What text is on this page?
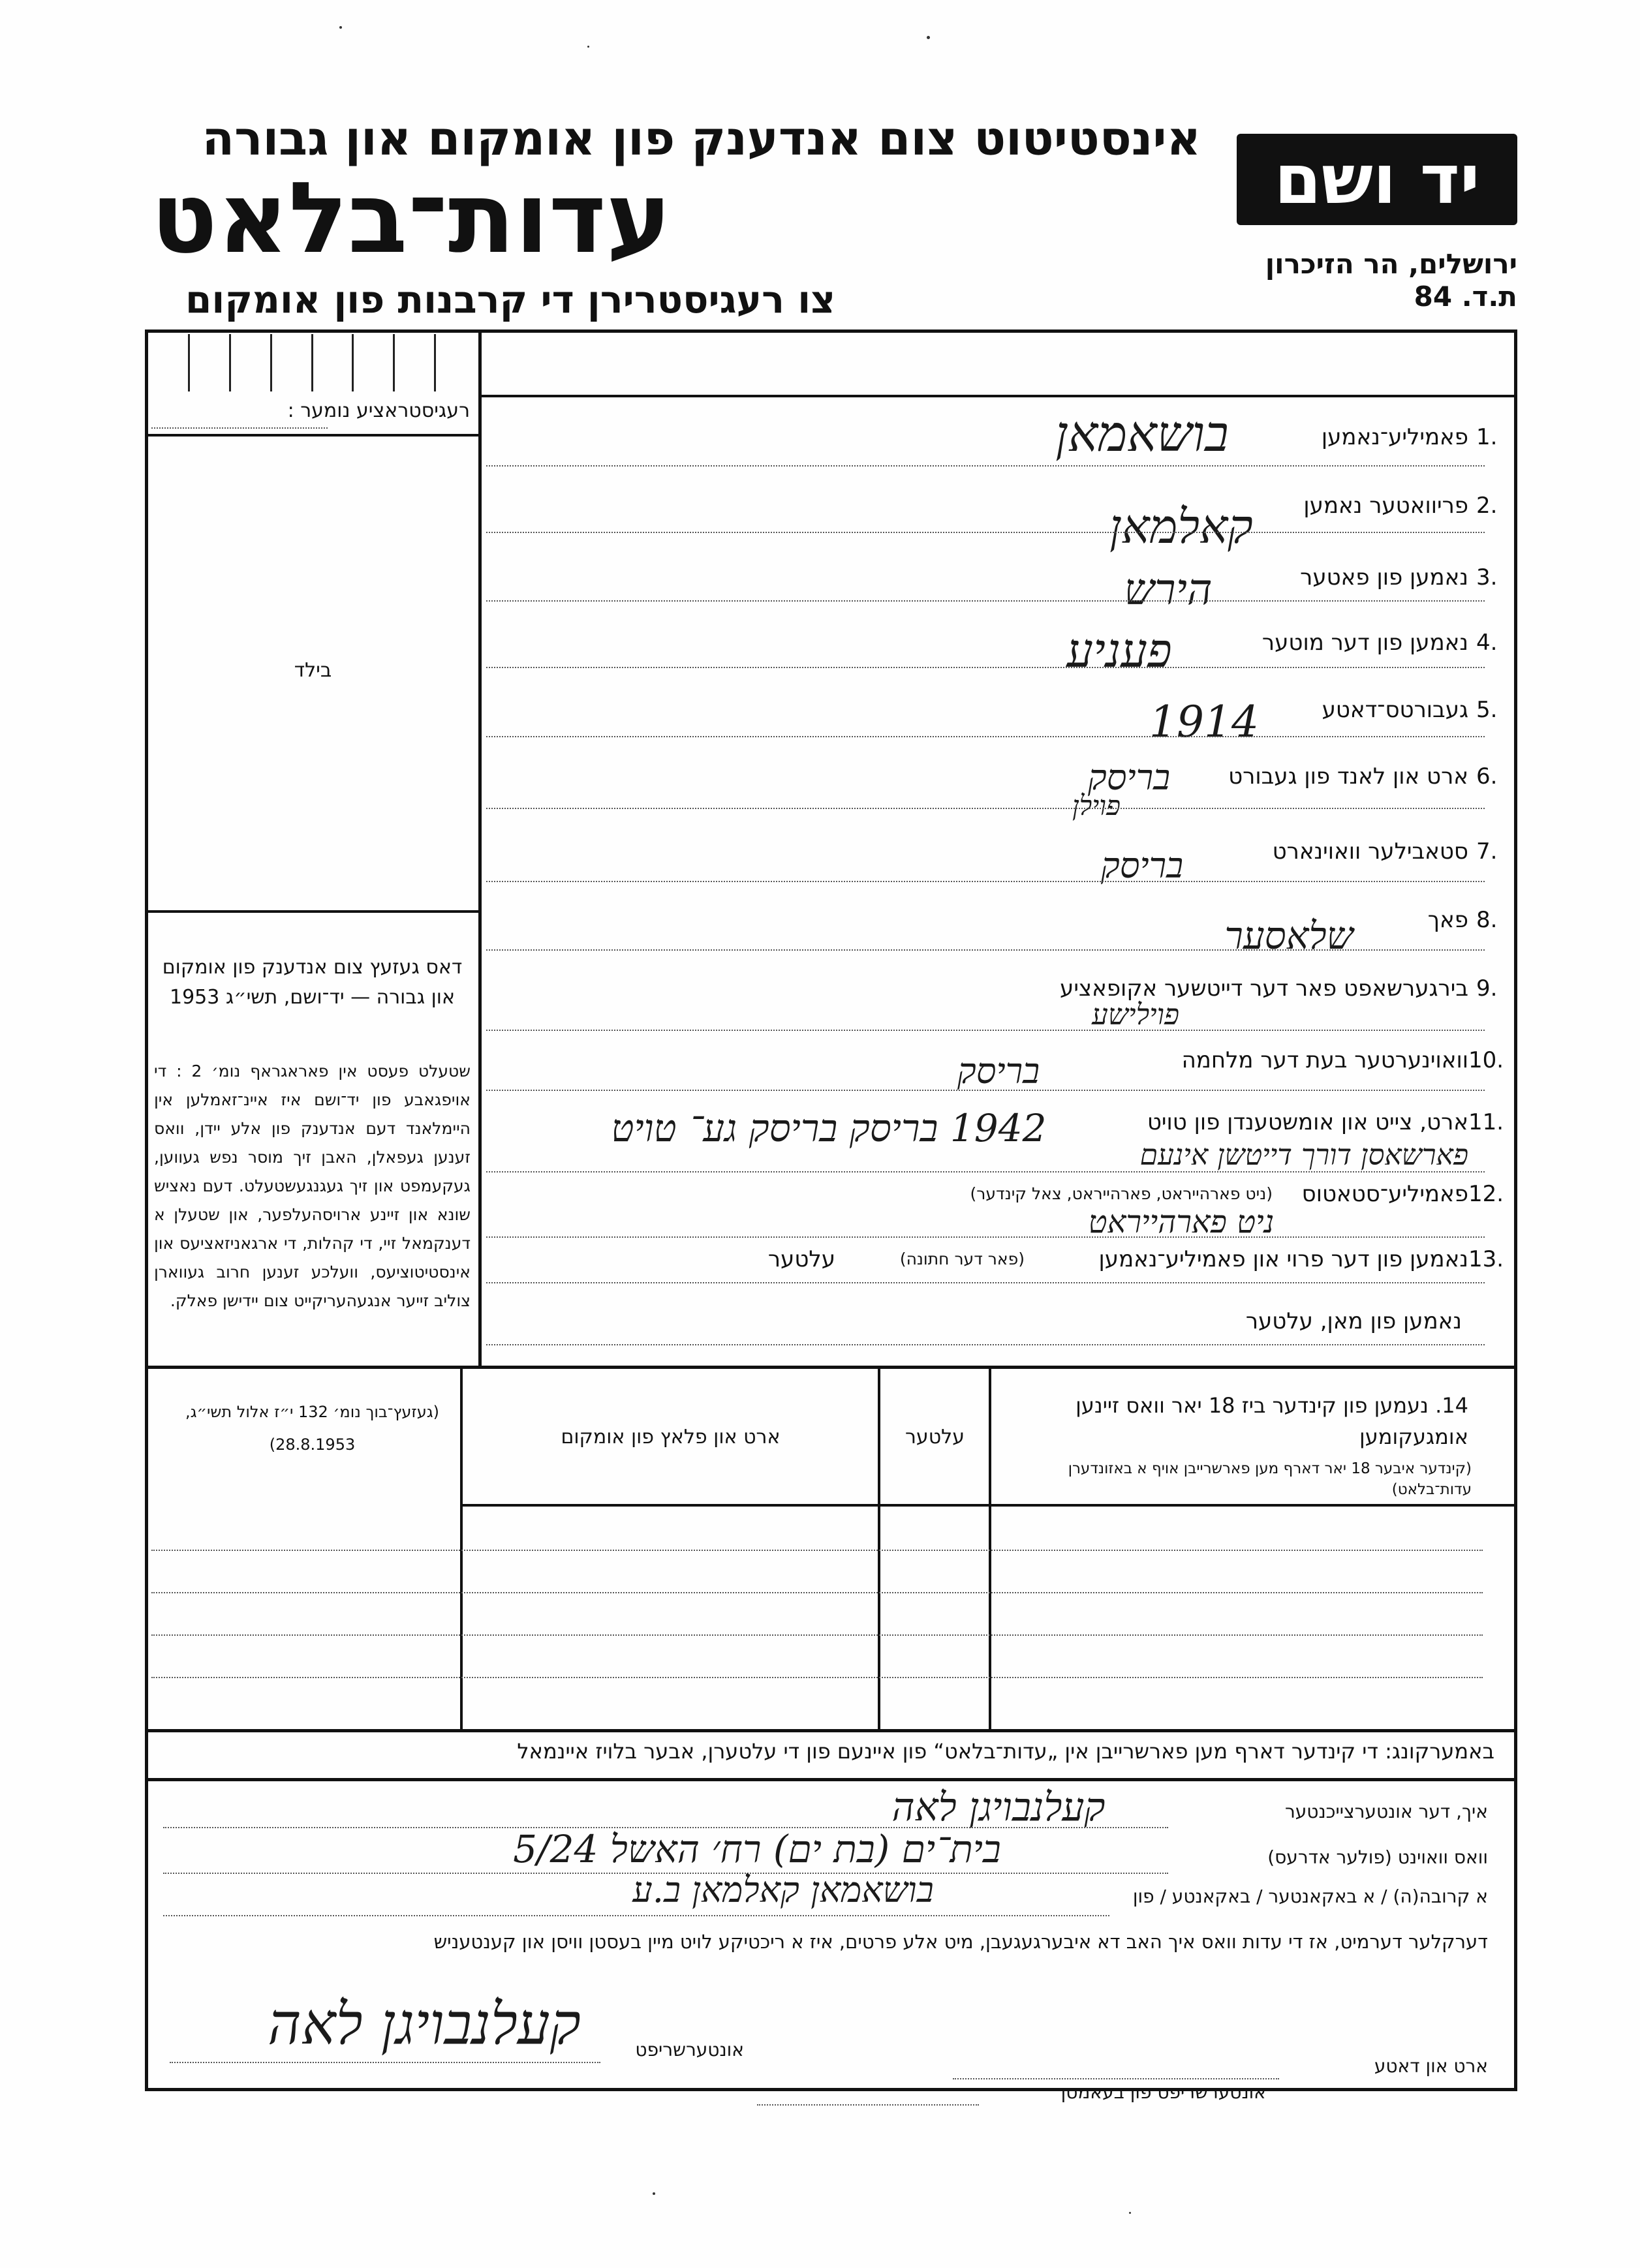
יד ושם
ירושלים, הר הזיכרון
ת.ד. 84
אינסטיטוט צום אנדענק פון אומקום און גבורה
עדות־בלאט
צו רעגיסטרירן די קרבנות פון אומקום
רעגיסטראציע נומער :
בילד
דאס געזעץ צום אנדענק פון אומקום און גבורה — יד־ושם, תשי״ג 1953
שטעלט פעסט אין פאראגראף נומ׳ 2 : די אויפגאבע פון יד־ושם איז איינ־זאמלען אין היימלאנד דעם אנדענק פון אלע יידן, וואס זענען געפאלן, האבן זיך מוסר נפש געווען, געקעמפט און זיך געגנגעשטעלט. דעם נאציש שונא און זיינע ארויסהעלפער, און שטעלן א דענקמאל זיי, די קהלות, די ארגאניזאציעס און אינסטיטוציעס, וועלכע זענען חרוב געווארן צוליב זייער אנגעהעריקייט צום יידישן פאלק.
(געזעץ־בוך נומ׳ 132 י״ז אלול תשי״ג,
(28.8.1953
פאמיליע־נאמען 1.
בושאמאן
פריוואטער נאמען 2.
קאלמאן
נאמען פון פאטער 3.
הירש
נאמען פון דער מוטער 4.
פעניע
געבורטס־דאטע 5.
1914
ארט און לאנד פון געבורט 6.
בריסק
פוילן
סטאבילער וואוינארט 7.
בריסק
פאך 8.
שלאסער
בירגערשאפט פאר דער דייטשער אקופאציע 9.
פוילישע
וואוינערטער בעת דער מלחמה 10.
בריסק
ארט, צייט און אומשטענדן פון טויט 11.
1942 בריסק בריסק גע־ טויט
פארשאסן דורך דייטשן אינעם
פאמיליע־סטאטוס 12.
(ניט פארהייראט, פארהייראט, צאל קינדער)
ניט פארהייראט
נאמען פון דער פרוי און פאמיליע־נאמען 13.
(פאר דער חתונה)
עלטער
נאמען פון מאן, עלטער
14. נעמען פון קינדער ביז 18 יאר וואס זיינען אומגעקומען
(קינדער איבער 18 יאר דארף מען פארשרייבן אויף א באזונדערן עדות־בלאט)
עלטער
ארט און פלאץ פון אומקום
באמערקונג: די קינדער דארף מען פארשרייבן אין „עדות־בלאט“ פון איינעם פון די עלטערן, אבער בלויז איינמאל
איך, דער אונטערצייכנטער
קעלנבויגן לאה
וואס וואוינט (פולער אדרעס)
בית־ים (בת ים) רח׳ האשל 5/24
א קרובה(ה) / א באקאנטער / באקאנטע / פון
בושאמאן קאלמאן ב.ע
דערקלער דערמיט, אז די עדות וואס איך האב דא איבערגעגעבן, מיט אלע פרטים, איז א ריכטיקע לויט מיין בעסטן וויסן און קענטעניש
קעלנבויגן לאה	אונטערשריפט
ארט און דאטע
אונטערשריפט פון בעאמטן
